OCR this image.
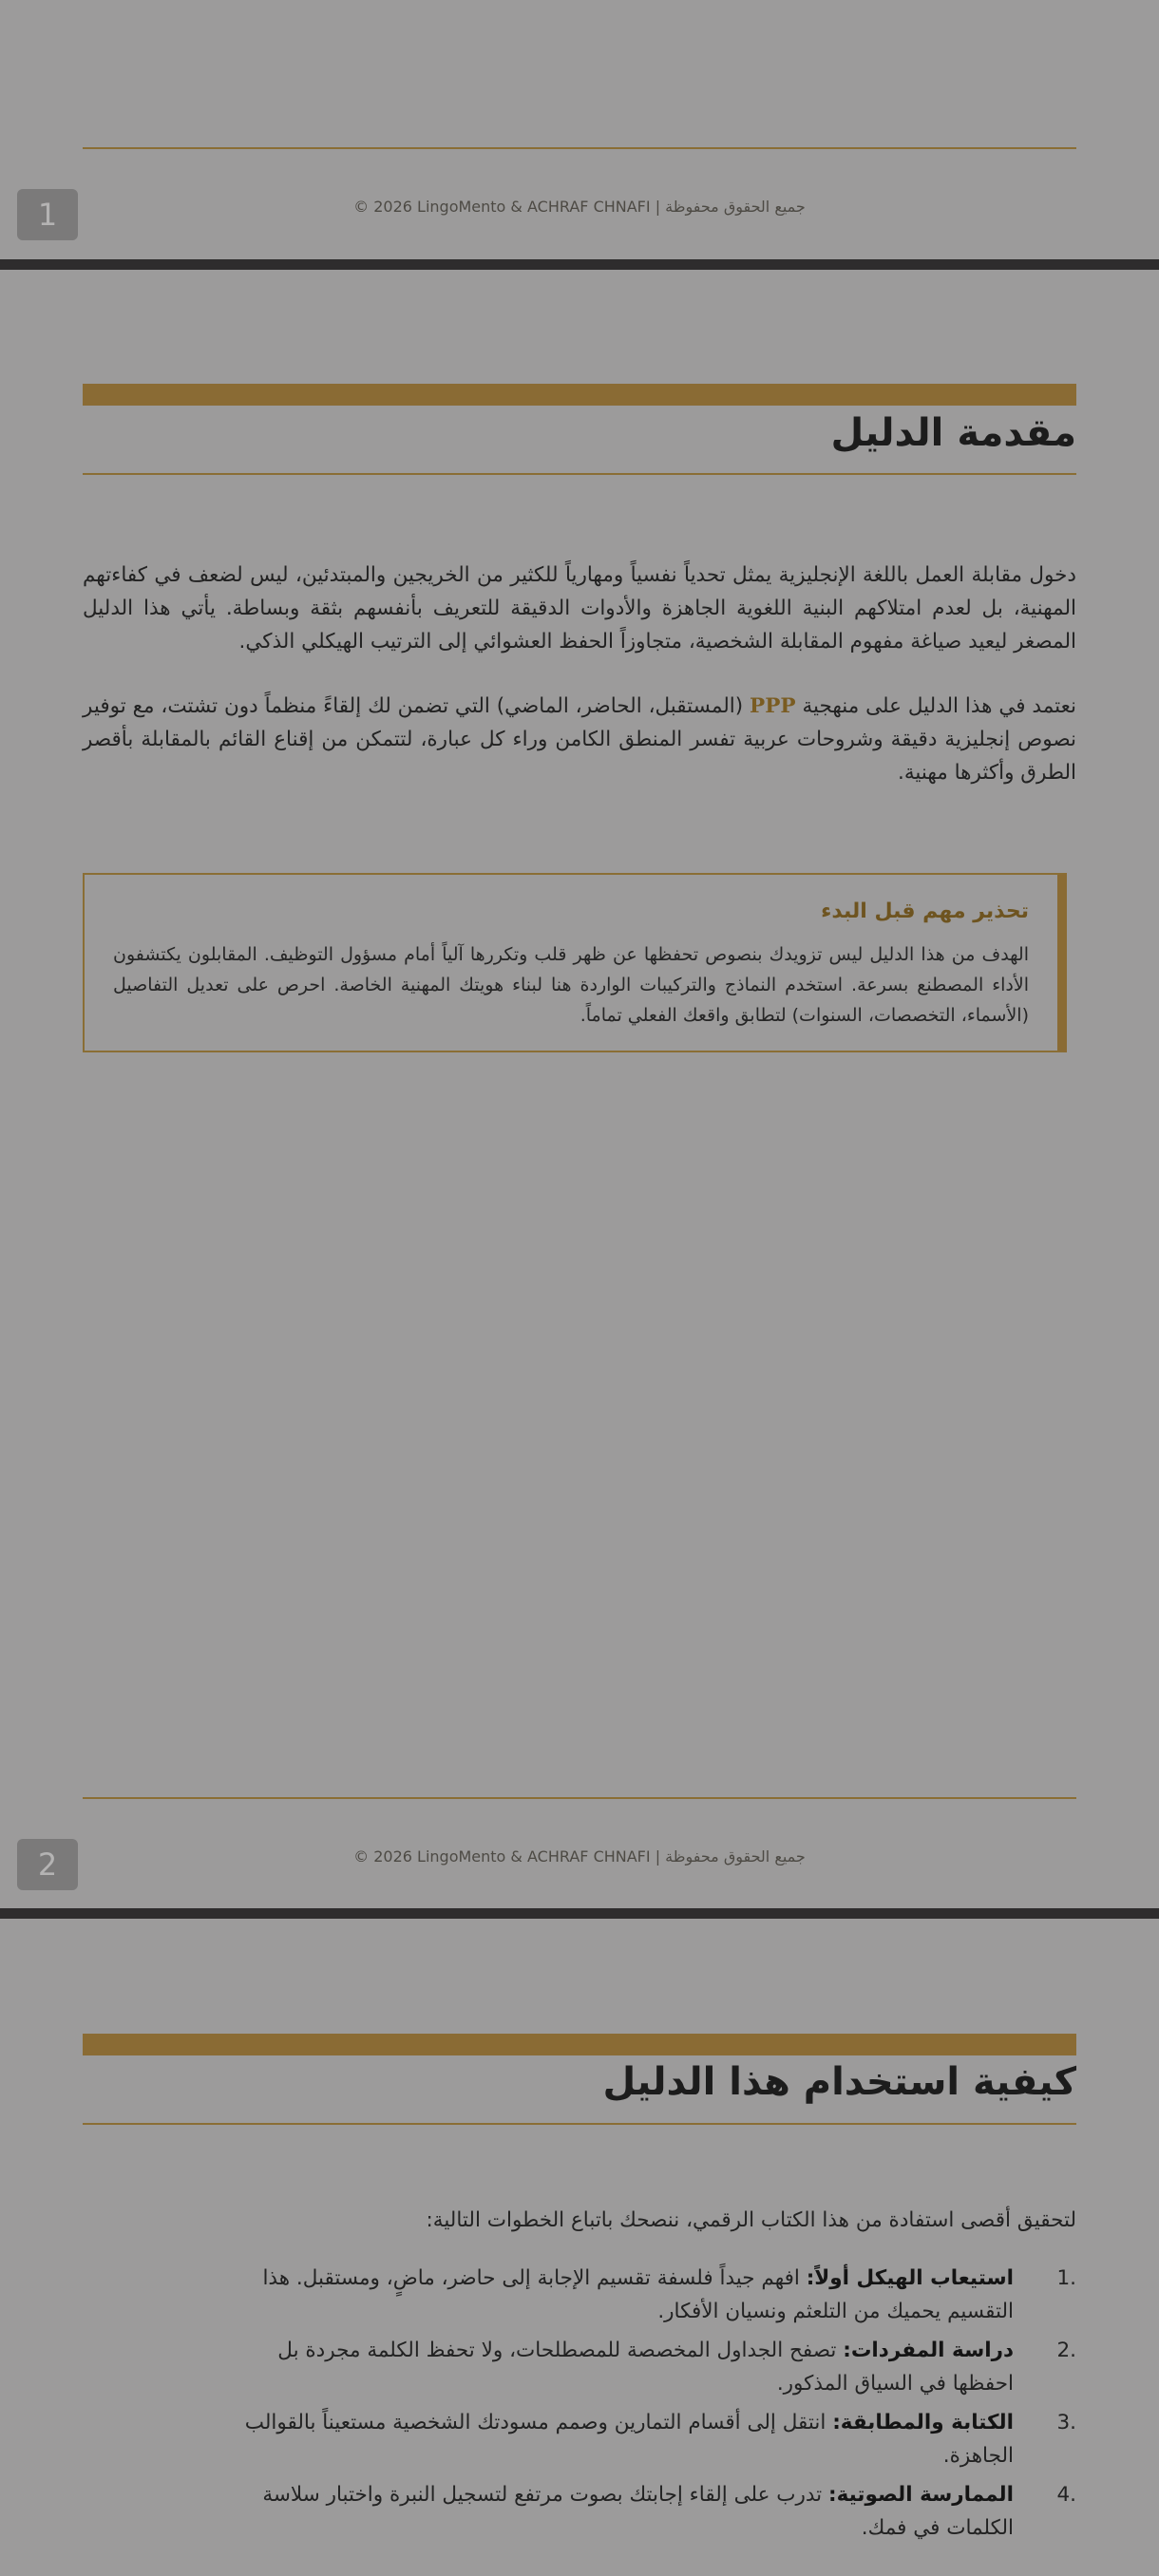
© 2026 LingoMento & ACHRAF CHNAFI | جميع الحقوق محفوظة
1
مقدمة الدليل
دخول مقابلة العمل باللغة الإنجليزية يمثل تحدياً نفسياً ومهارياً للكثير من الخريجين والمبتدئين، ليس لضعف في كفاءتهم المهنية، بل لعدم امتلاكهم البنية اللغوية الجاهزة والأدوات الدقيقة للتعريف بأنفسهم بثقة وبساطة. يأتي هذا الدليل المصغر ليعيد صياغة مفهوم المقابلة الشخصية، متجاوزاً الحفظ العشوائي إلى الترتيب الهيكلي الذكي.
نعتمد في هذا الدليل على منهجية PPP (المستقبل، الحاضر، الماضي) التي تضمن لك إلقاءً منظماً دون تشتت، مع توفير نصوص إنجليزية دقيقة وشروحات عربية تفسر المنطق الكامن وراء كل عبارة، لتتمكن من إقناع القائم بالمقابلة بأقصر الطرق وأكثرها مهنية.
تحذير مهم قبل البدء
الهدف من هذا الدليل ليس تزويدك بنصوص تحفظها عن ظهر قلب وتكررها آلياً أمام مسؤول التوظيف. المقابلون يكتشفون الأداء المصطنع بسرعة. استخدم النماذج والتركيبات الواردة هنا لبناء هويتك المهنية الخاصة. احرص على تعديل التفاصيل (الأسماء، التخصصات، السنوات) لتطابق واقعك الفعلي تماماً.
© 2026 LingoMento & ACHRAF CHNAFI | جميع الحقوق محفوظة
2
كيفية استخدام هذا الدليل
لتحقيق أقصى استفادة من هذا الكتاب الرقمي، ننصحك باتباع الخطوات التالية:
1.
استيعاب الهيكل أولاً: افهم جيداً فلسفة تقسيم الإجابة إلى حاضر، ماضٍ، ومستقبل. هذا التقسيم يحميك من التلعثم ونسيان الأفكار.
2.
دراسة المفردات: تصفح الجداول المخصصة للمصطلحات، ولا تحفظ الكلمة مجردة بل احفظها في السياق المذكور.
3.
الكتابة والمطابقة: انتقل إلى أقسام التمارين وصمم مسودتك الشخصية مستعيناً بالقوالب الجاهزة.
4.
الممارسة الصوتية: تدرب على إلقاء إجابتك بصوت مرتفع لتسجيل النبرة واختبار سلاسة الكلمات في فمك.
